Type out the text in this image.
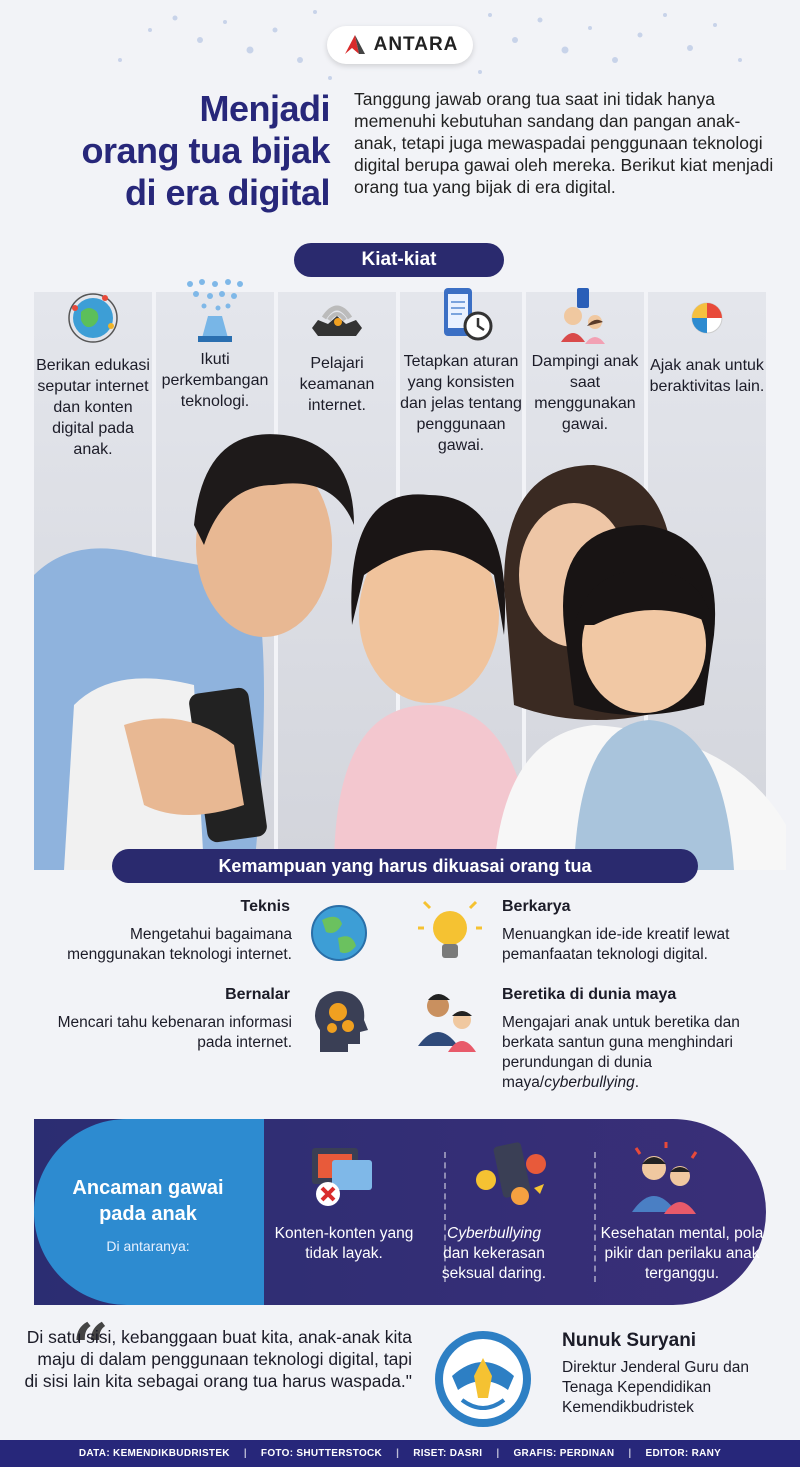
ANTARA
Menjadi
orang tua bijak
di era digital
Tanggung jawab orang tua saat ini tidak hanya memenuhi kebutuhan sandang dan pangan anak-anak, tetapi juga mewaspadai penggunaan teknologi digital berupa gawai oleh mereka. Berikut kiat menjadi orang tua yang bijak di era digital.
Kiat-kiat
Berikan edukasi seputar internet dan konten digital pada anak.
Ikuti perkembangan teknologi.
Pelajari keamanan internet.
Tetapkan aturan yang konsisten dan jelas tentang penggunaan gawai.
Dampingi anak saat menggunakan gawai.
Ajak anak untuk beraktivitas lain.
Kemampuan yang harus dikuasai orang tua
Teknis
Mengetahui bagaimana menggunakan teknologi internet.
Berkarya
Menuangkan ide-ide kreatif lewat pemanfaatan teknologi digital.
Bernalar
Mencari tahu kebenaran informasi pada internet.
Beretika di dunia maya
Mengajari anak untuk beretika dan berkata santun guna menghindari perundungan di dunia maya/cyberbullying.
Ancaman gawai pada anak
Di antaranya:
Konten-konten yang tidak layak.
Cyberbullying dan kekerasan seksual daring.
Kesehatan mental, pola pikir dan perilaku anak terganggu.
“
Di satu sisi, kebanggaan buat kita, anak-anak kita maju di dalam penggunaan teknologi digital, tapi di sisi lain kita sebagai orang tua harus waspada."
Nunuk Suryani
Direktur Jenderal Guru dan Tenaga Kependidikan Kemendikbudristek
DATA: KEMENDIKBUDRISTEK | FOTO: SHUTTERSTOCK | RISET: DASRI | GRAFIS: PERDINAN | EDITOR: RANY
